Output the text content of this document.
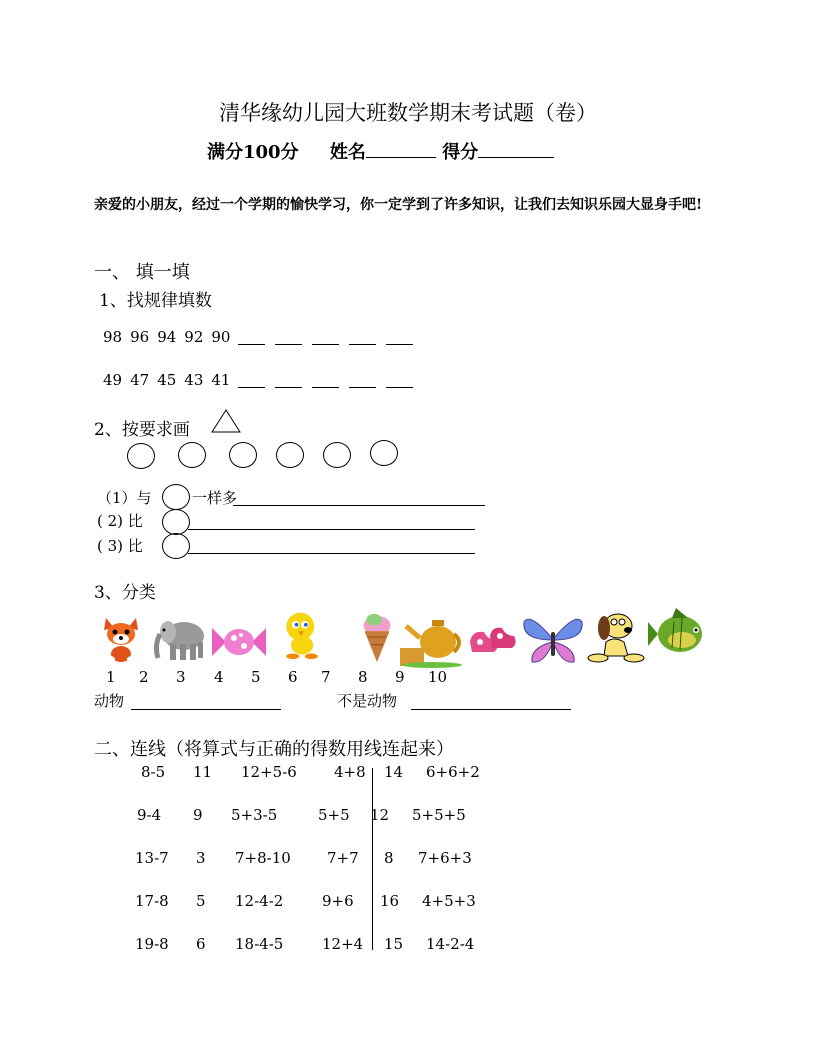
清华缘幼儿园大班数学期末考试题（卷）
满分100分 姓名	得分
亲爱的小朋友，经过一个学期的愉快学习，你一定学到了许多知识，让我们去知识乐园大显身手吧!
一、 填一填
1、找规律填数
98 96 94 92 90
49 47 45 43 41
2、按要求画
（1）与	一样多
( 2) 比
( 3) 比
3、分类
1 2 3 4 5 6 7 8 9 10
动物	不是动物
二、连线（将算式与正确的得数用线连起来）
8-5 11 12+5-6 4+8 14 6+6+2
9-4 9 5+3-5	5+5 12 5+5+5
13-7 3 7+8-10 7+7 8 7+6+3
17-8 5 12-4-2	9+6 16 4+5+3
19-8 6 18-4-5	12+4 15 14-2-4
